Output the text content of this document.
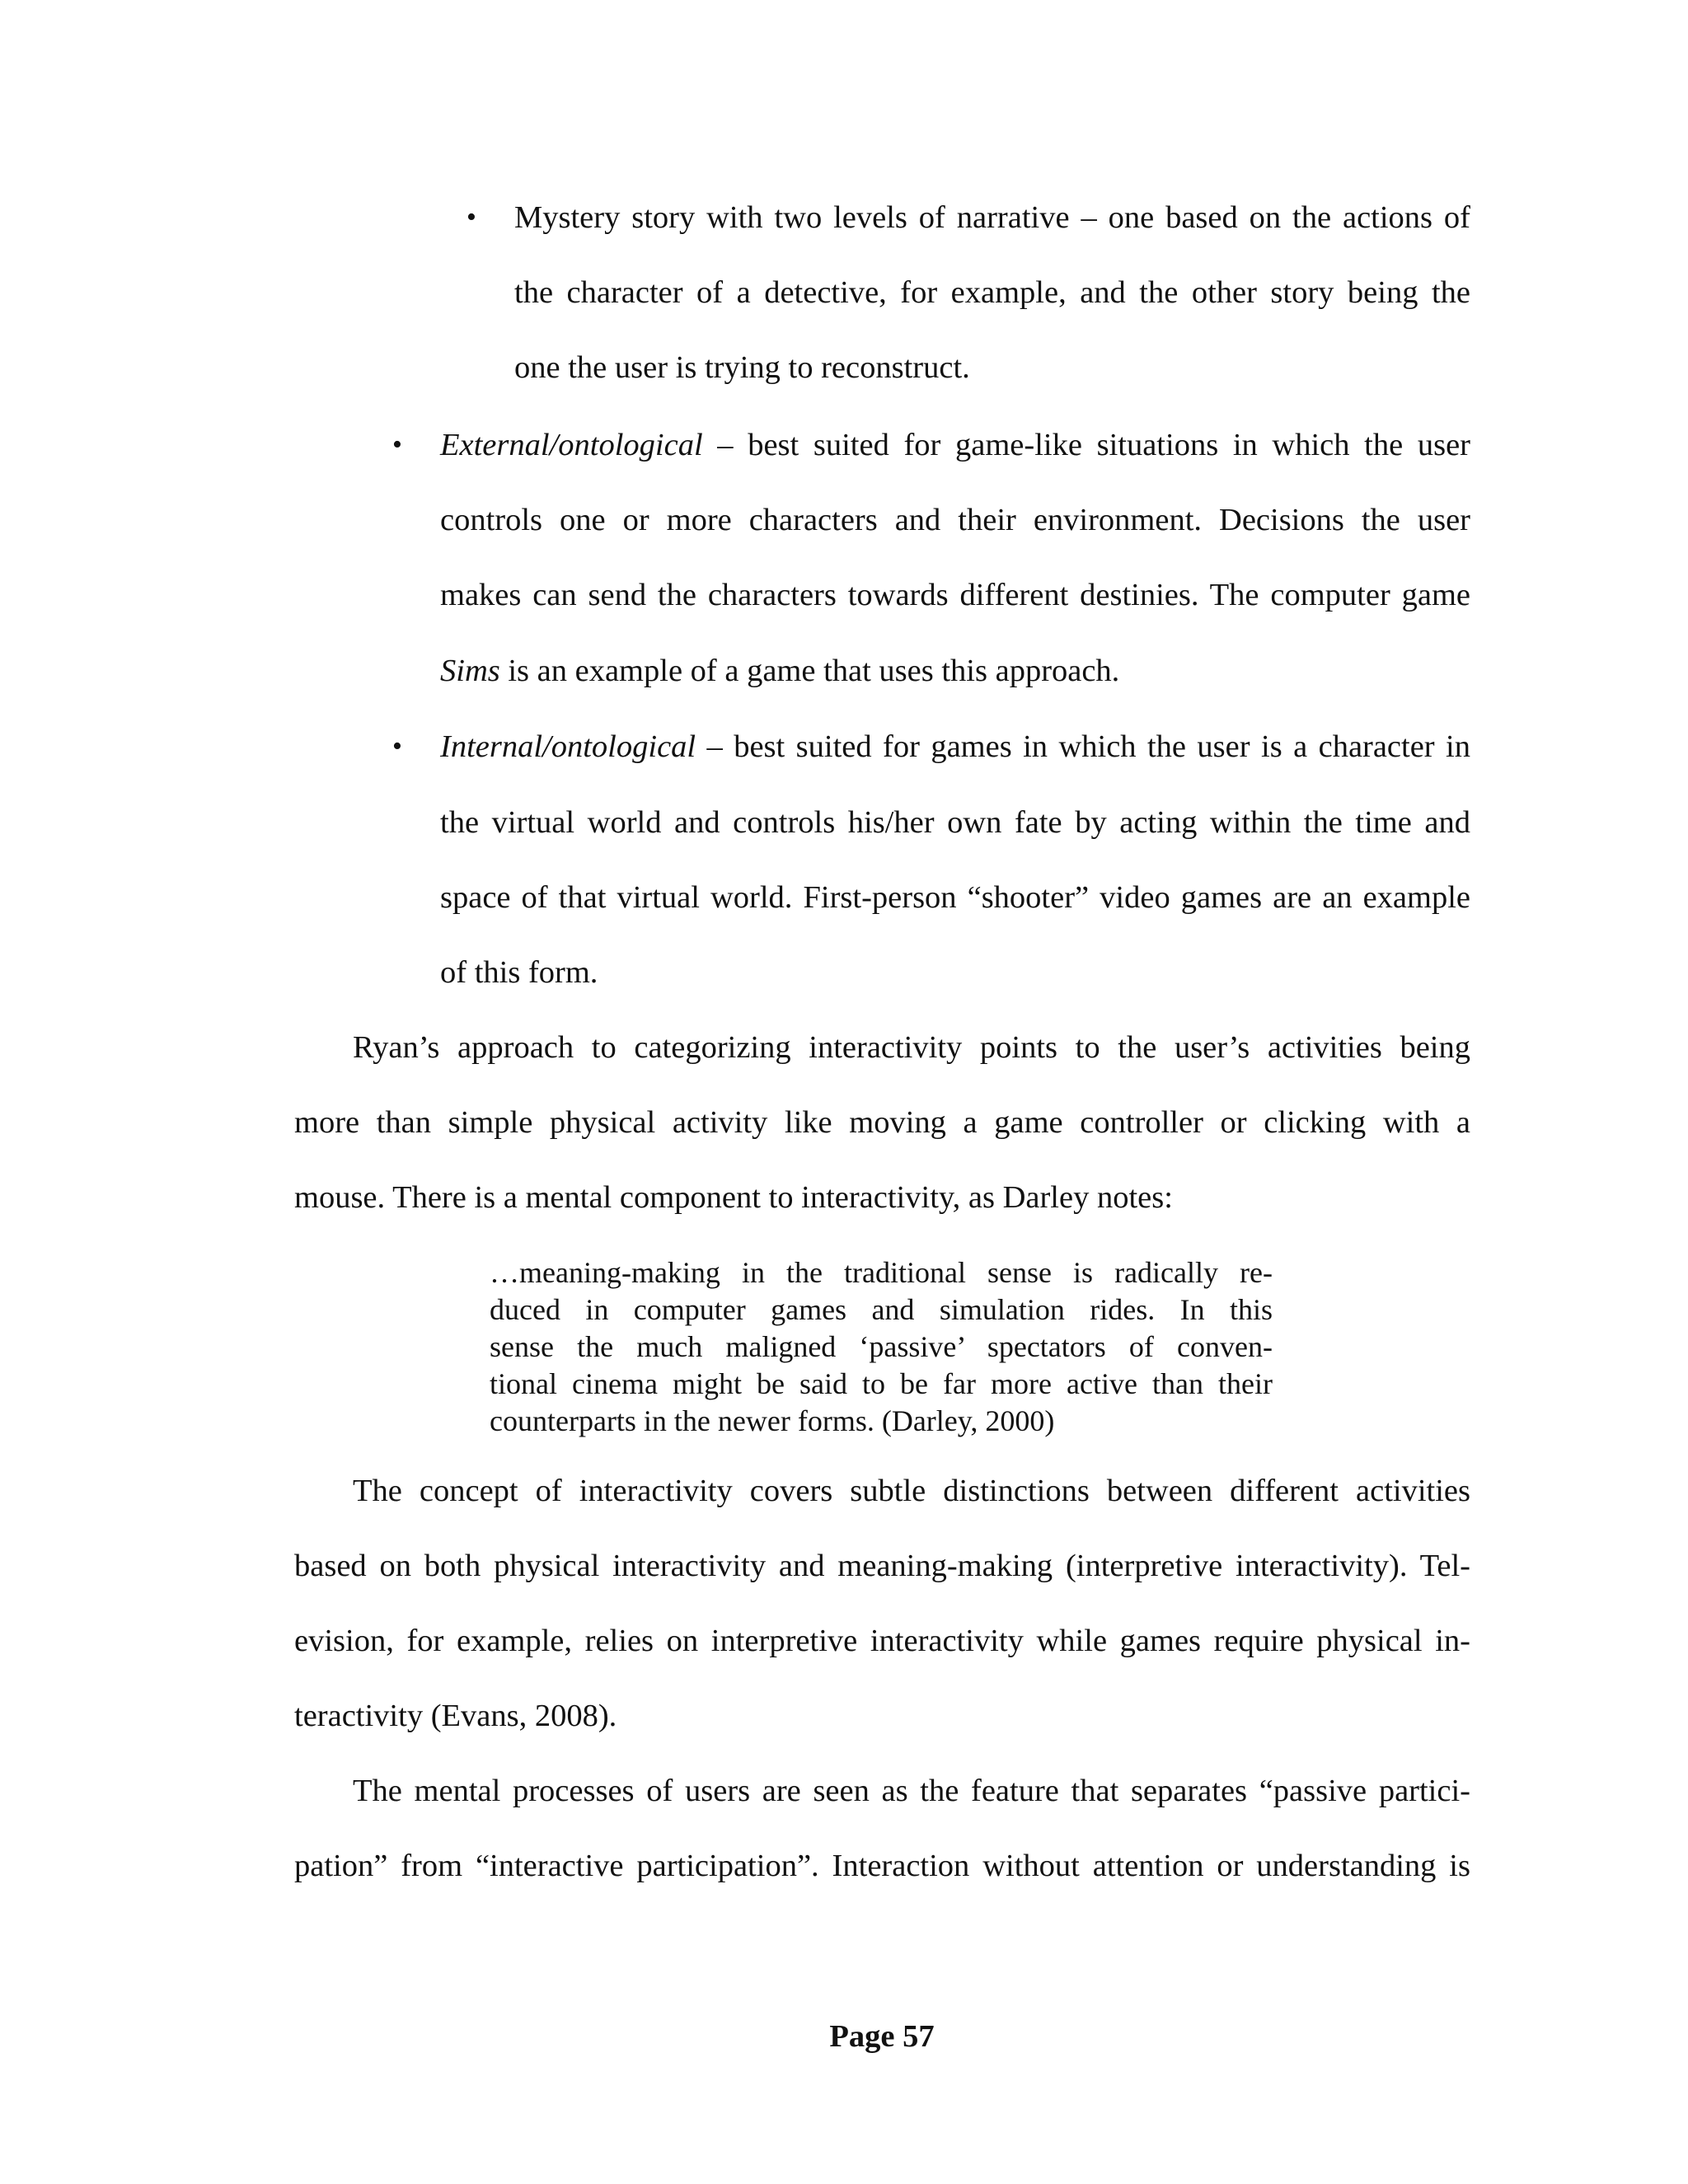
• Mystery story with two levels of narrative – one based on the actions of
the character of a detective, for example, and the other story being the
one the user is trying to reconstruct.
• External/ontological – best suited for game-like situations in which the user
controls one or more characters and their environment. Decisions the user
makes can send the characters towards different destinies. The computer game
Sims is an example of a game that uses this approach.
• Internal/ontological – best suited for games in which the user is a character in
the virtual world and controls his/her own fate by acting within the time and
space of that virtual world. First-person “shooter” video games are an example
of this form.
Ryan’s approach to categorizing interactivity points to the user’s activities being
more than simple physical activity like moving a game controller or clicking with a
mouse. There is a mental component to interactivity, as Darley notes:
…meaning-making in the traditional sense is radically re-
duced in computer games and simulation rides. In this
sense the much maligned ‘passive’ spectators of conven-
tional cinema might be said to be far more active than their
counterparts in the newer forms. (Darley, 2000)
The concept of interactivity covers subtle distinctions between different activities
based on both physical interactivity and meaning-making (interpretive interactivity). Tel-
evision, for example, relies on interpretive interactivity while games require physical in-
teractivity (Evans, 2008).
The mental processes of users are seen as the feature that separates “passive partici-
pation” from “interactive participation”. Interaction without attention or understanding is
Page 57
